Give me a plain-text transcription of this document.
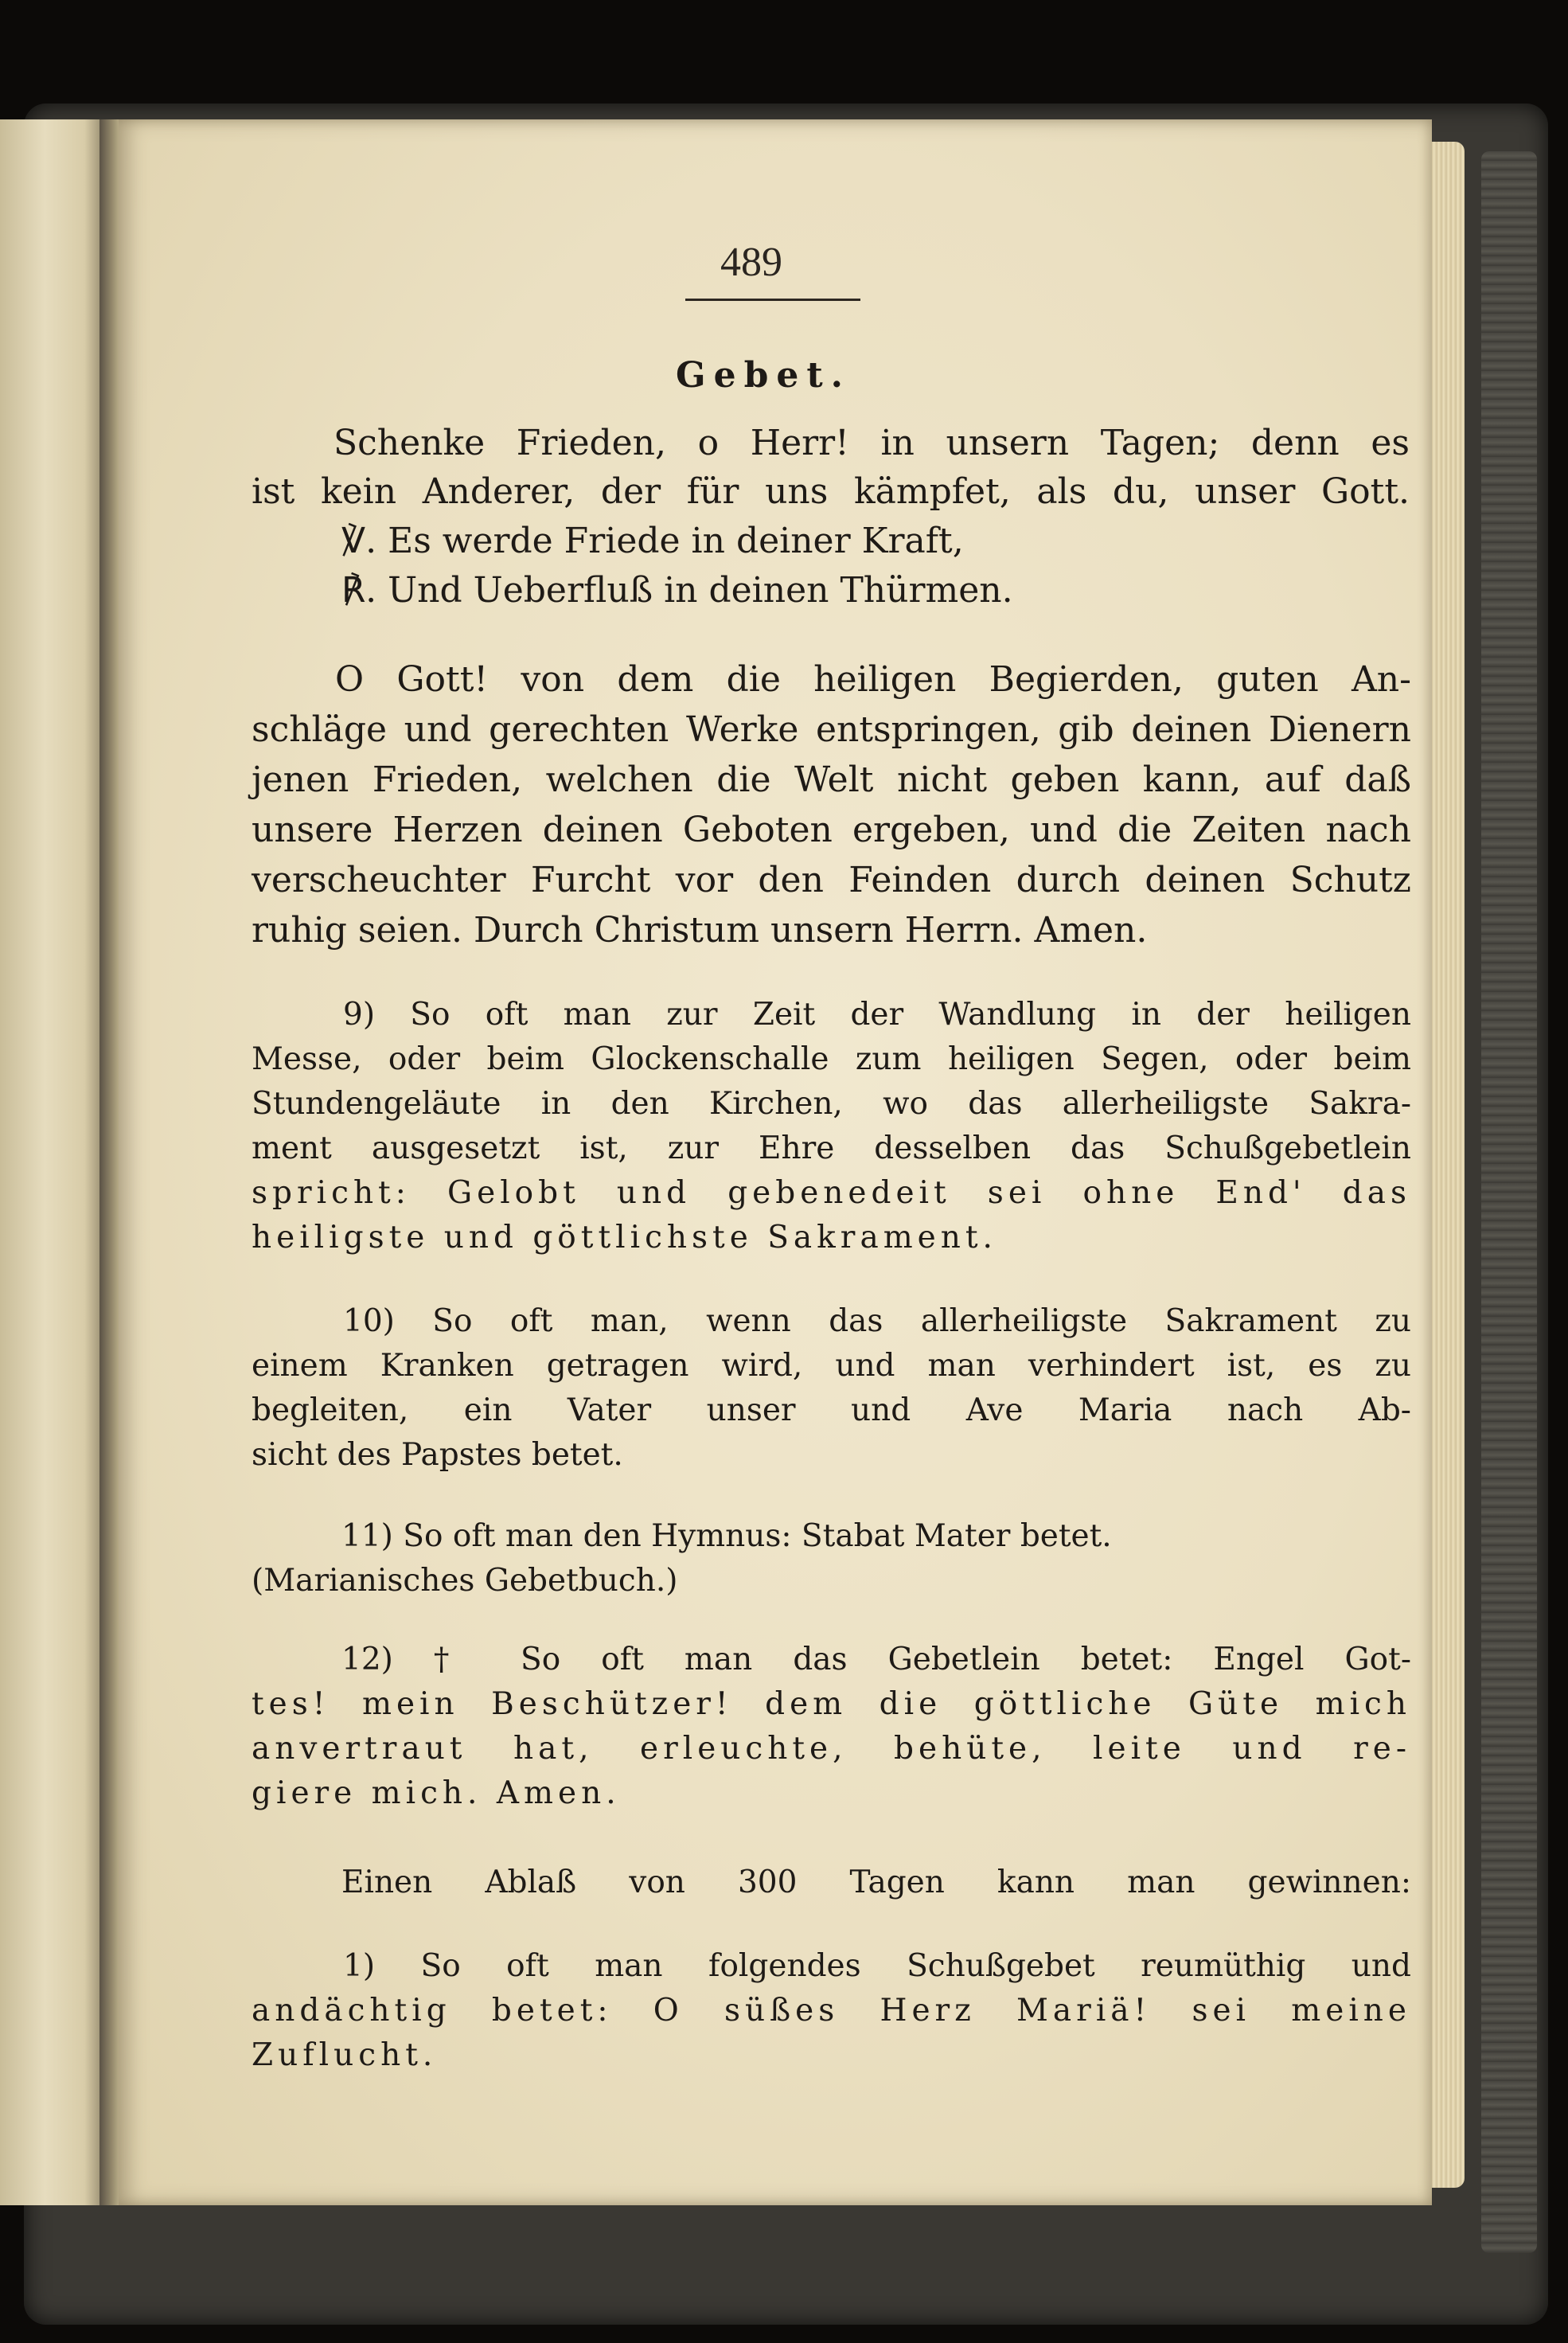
489
Gebet.
Schenke Frieden, o Herr! in unsern Tagen; denn es
ist kein Anderer, der für uns kämpfet, als du, unser Gott.
℣. Es werde Friede in deiner Kraft,
℟. Und Ueberfluß in deinen Thürmen.
O Gott! von dem die heiligen Begierden, guten An-
schläge und gerechten Werke entspringen, gib deinen Dienern
jenen Frieden, welchen die Welt nicht geben kann, auf daß
unsere Herzen deinen Geboten ergeben, und die Zeiten nach
verscheuchter Furcht vor den Feinden durch deinen Schutz
ruhig seien. Durch Christum unsern Herrn. Amen.
9) So oft man zur Zeit der Wandlung in der heiligen
Messe, oder beim Glockenschalle zum heiligen Segen, oder beim
Stundengeläute in den Kirchen, wo das allerheiligste Sakra-
ment ausgesetzt ist, zur Ehre desselben das Schußgebetlein
spricht: Gelobt und gebenedeit sei ohne End' das
heiligste und göttlichste Sakrament.
10) So oft man, wenn das allerheiligste Sakrament zu
einem Kranken getragen wird, und man verhindert ist, es zu
begleiten, ein Vater unser und Ave Maria nach Ab-
sicht des Papstes betet.
11) So oft man den Hymnus: Stabat Mater betet.
(Marianisches Gebetbuch.)
12) † So oft man das Gebetlein betet: Engel Got-
tes! mein Beschützer! dem die göttliche Güte mich
anvertraut hat, erleuchte, behüte, leite und re-
giere mich. Amen.
Einen Ablaß von 300 Tagen kann man gewinnen:
1) So oft man folgendes Schußgebet reumüthig und
andächtig betet: O süßes Herz Mariä! sei meine
Zuflucht.
